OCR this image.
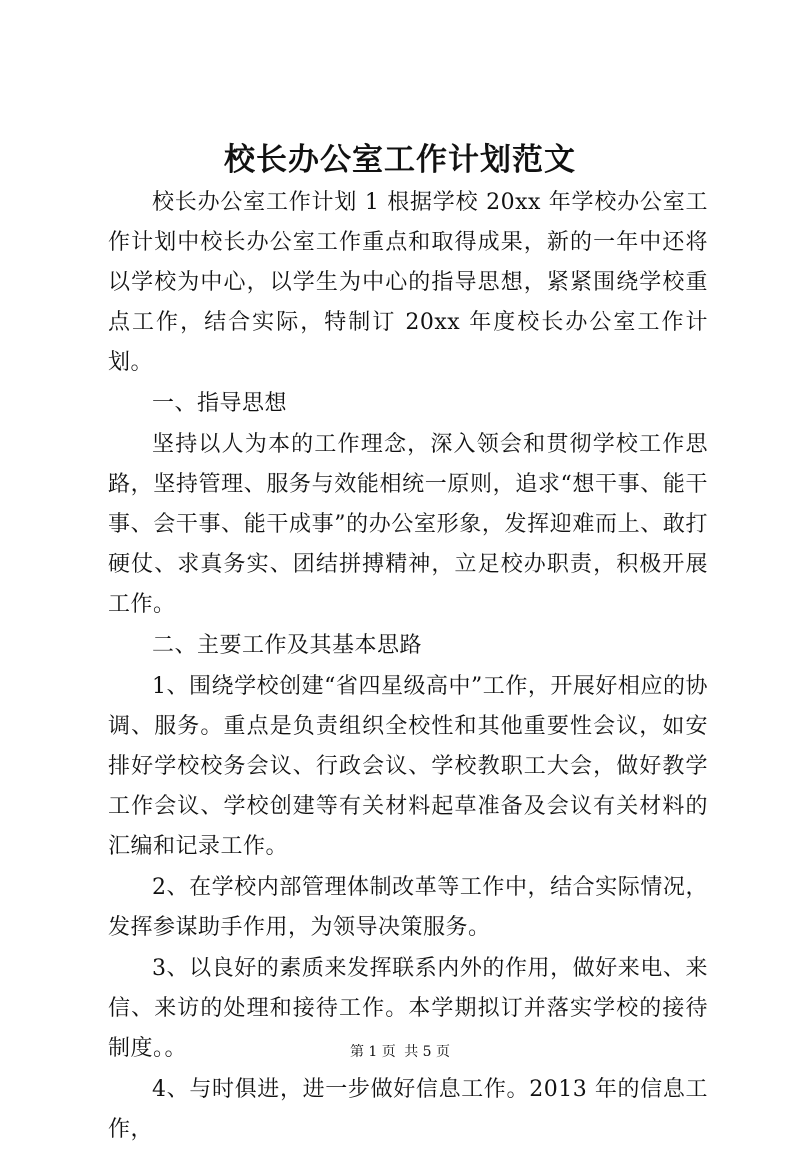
校长办公室工作计划范文

校长办公室工作计划 1 根据学校 20xx 年学校办公室工作计划中校长办公室工作重点和取得成果，新的一年中还将以学校为中心，以学生为中心的指导思想，紧紧围绕学校重点工作，结合实际，特制订 20xx 年度校长办公室工作计划。

一、指导思想

坚持以人为本的工作理念，深入领会和贯彻学校工作思路，坚持管理、服务与效能相统一原则，追求“想干事、能干事、会干事、能干成事”的办公室形象，发挥迎难而上、敢打硬仗、求真务实、团结拼搏精神，立足校办职责，积极开展工作。

二、主要工作及其基本思路

1、围绕学校创建“省四星级高中”工作，开展好相应的协调、服务。重点是负责组织全校性和其他重要性会议，如安排好学校校务会议、行政会议、学校教职工大会，做好教学工作会议、学校创建等有关材料起草准备及会议有关材料的汇编和记录工作。

2、在学校内部管理体制改革等工作中，结合实际情况，发挥参谋助手作用，为领导决策服务。

3、以良好的素质来发挥联系内外的作用，做好来电、来信、来访的处理和接待工作。本学期拟订并落实学校的接待制度。。

4、与时俱进，进一步做好信息工作。2013 年的信息工作，

第 1 页 共 5 页
